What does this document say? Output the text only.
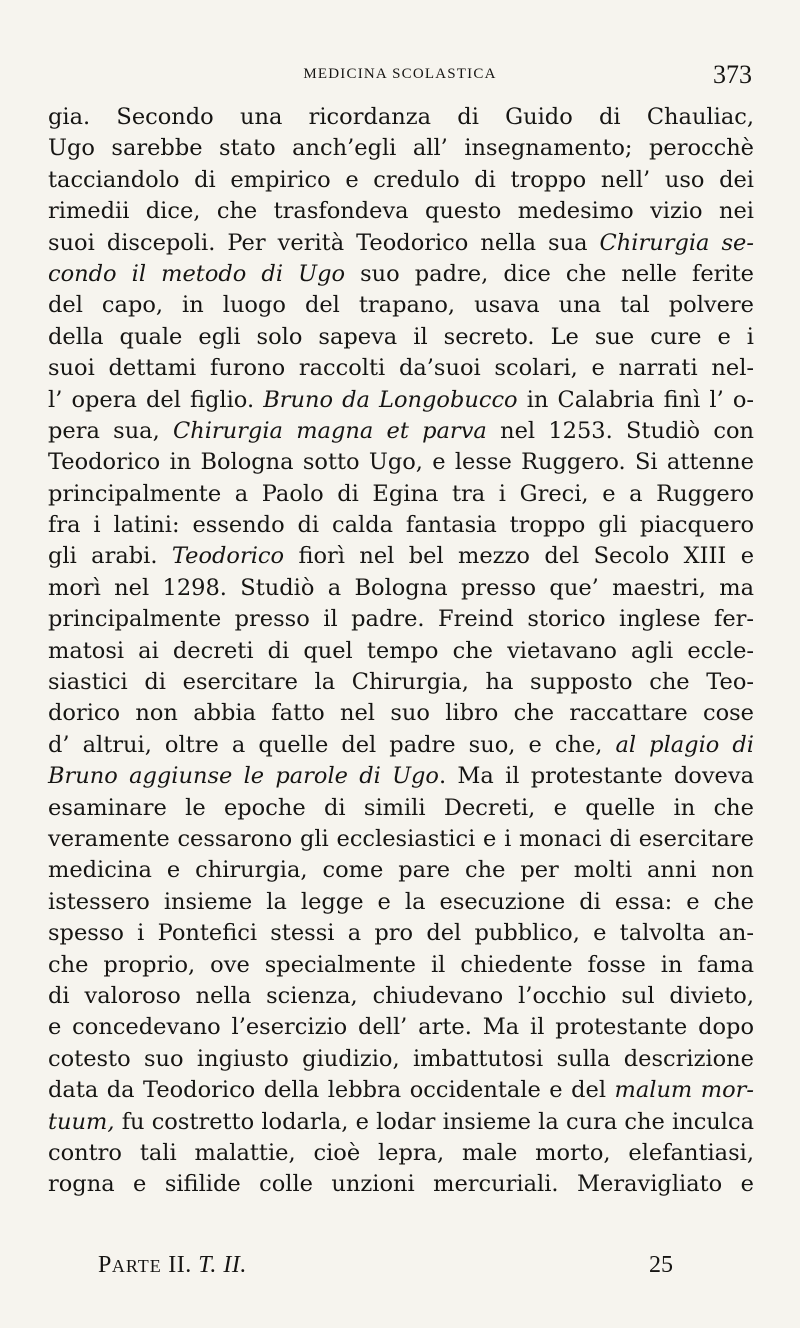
MEDICINA SCOLASTICA	373
gia. Secondo una ricordanza di Guido di Chauliac,
Ugo sarebbe stato anch’egli all’ insegnamento; perocchè
tacciandolo di empirico e credulo di troppo nell’ uso dei
rimedii dice, che trasfondeva questo medesimo vizio nei
suoi discepoli. Per verità Teodorico nella sua Chirurgia se-
condo il metodo di Ugo suo padre, dice che nelle ferite
del capo, in luogo del trapano, usava una tal polvere
della quale egli solo sapeva il secreto. Le sue cure e i
suoi dettami furono raccolti da’suoi scolari, e narrati nel-
l’ opera del figlio. Bruno da Longobucco in Calabria finì l’ o-
pera sua, Chirurgia magna et parva nel 1253. Studiò con
Teodorico in Bologna sotto Ugo, e lesse Ruggero. Si attenne
principalmente a Paolo di Egina tra i Greci, e a Ruggero
fra i latini: essendo di calda fantasia troppo gli piacquero
gli arabi. Teodorico fiorì nel bel mezzo del Secolo XIII e
morì nel 1298. Studiò a Bologna presso que’ maestri, ma
principalmente presso il padre. Freind storico inglese fer-
matosi ai decreti di quel tempo che vietavano agli eccle-
siastici di esercitare la Chirurgia, ha supposto che Teo-
dorico non abbia fatto nel suo libro che raccattare cose
d’ altrui, oltre a quelle del padre suo, e che, al plagio di
Bruno aggiunse le parole di Ugo. Ma il protestante doveva
esaminare le epoche di simili Decreti, e quelle in che
veramente cessarono gli ecclesiastici e i monaci di esercitare
medicina e chirurgia, come pare che per molti anni non
istessero insieme la legge e la esecuzione di essa: e che
spesso i Pontefici stessi a pro del pubblico, e talvolta an-
che proprio, ove specialmente il chiedente fosse in fama
di valoroso nella scienza, chiudevano l’occhio sul divieto,
e concedevano l’esercizio dell’ arte. Ma il protestante dopo
cotesto suo ingiusto giudizio, imbattutosi sulla descrizione
data da Teodorico della lebbra occidentale e del malum mor-
tuum, fu costretto lodarla, e lodar insieme la cura che inculca
contro tali malattie, cioè lepra, male morto, elefantiasi,
rogna e sifilide colle unzioni mercuriali. Meravigliato e
PARTE II. T. II.	25
